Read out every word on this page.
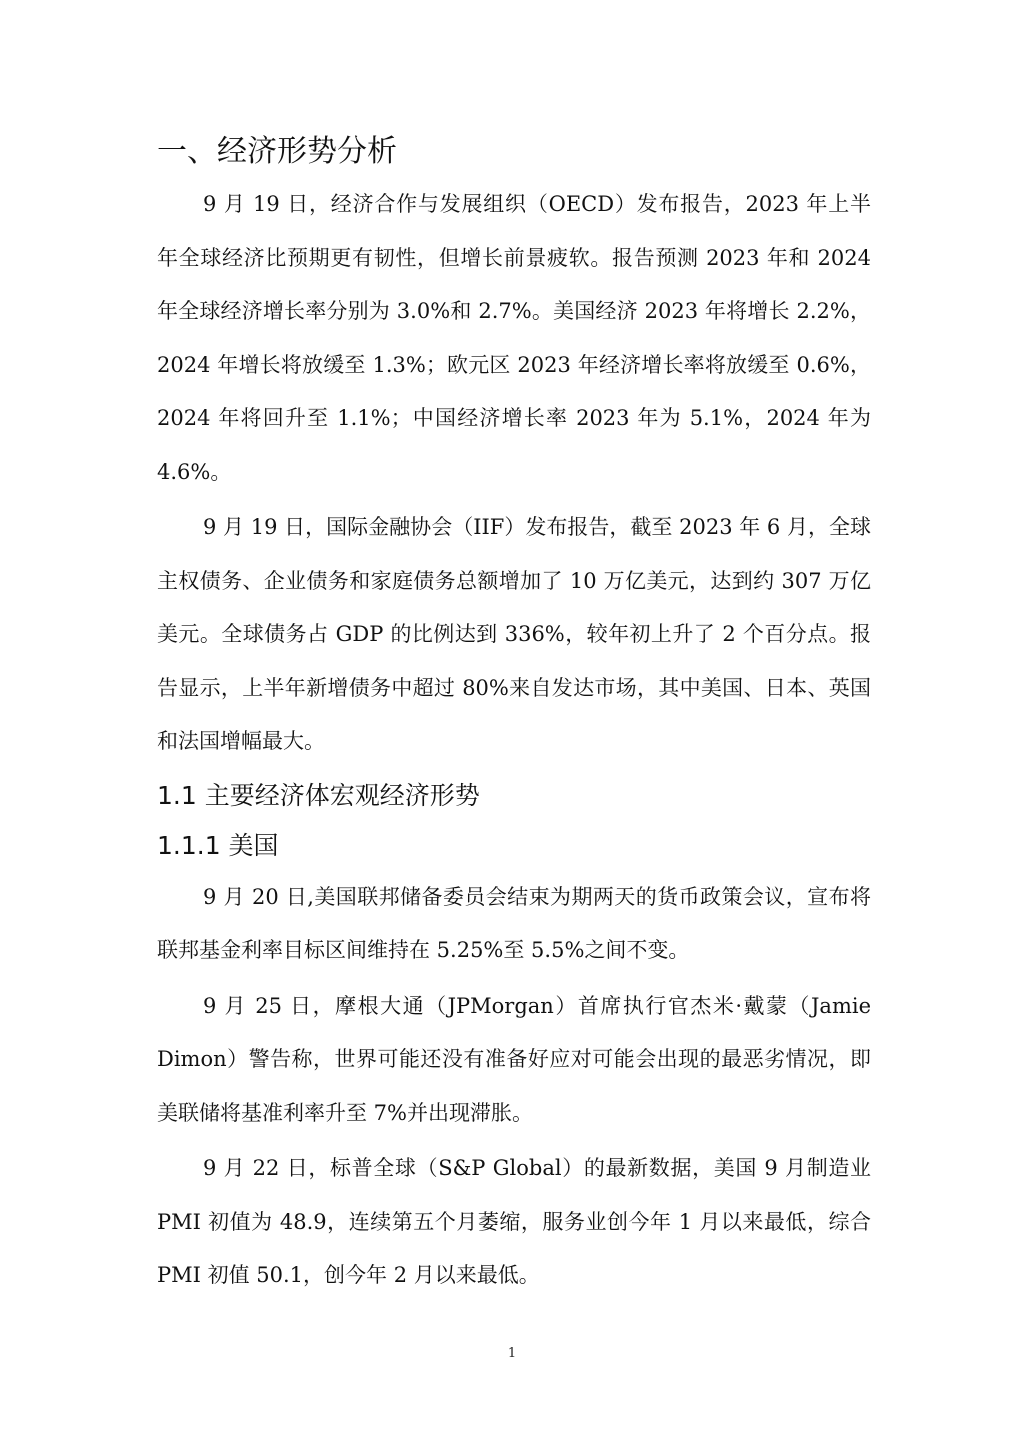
一、经济形势分析

9 月 19 日，经济合作与发展组织（OECD）发布报告，2023 年上半年全球经济比预期更有韧性，但增长前景疲软。报告预测 2023 年和 2024 年全球经济增长率分别为 3.0%和 2.7%。美国经济 2023 年将增长 2.2%，2024 年增长将放缓至 1.3%；欧元区 2023 年经济增长率将放缓至 0.6%，2024 年将回升至 1.1%；中国经济增长率 2023 年为 5.1%，2024 年为 4.6%。

9 月 19 日，国际金融协会（IIF）发布报告，截至 2023 年 6 月，全球主权债务、企业债务和家庭债务总额增加了 10 万亿美元，达到约 307 万亿美元。全球债务占 GDP 的比例达到 336%，较年初上升了 2 个百分点。报告显示，上半年新增债务中超过 80%来自发达市场，其中美国、日本、英国和法国增幅最大。

1.1 主要经济体宏观经济形势
1.1.1 美国

9 月 20 日,美国联邦储备委员会结束为期两天的货币政策会议，宣布将联邦基金利率目标区间维持在 5.25%至 5.5%之间不变。

9 月 25 日，摩根大通（JPMorgan）首席执行官杰米·戴蒙（Jamie Dimon）警告称，世界可能还没有准备好应对可能会出现的最恶劣情况，即美联储将基准利率升至 7%并出现滞胀。

9 月 22 日，标普全球（S&P Global）的最新数据，美国 9 月制造业 PMI 初值为 48.9，连续第五个月萎缩，服务业创今年 1 月以来最低，综合 PMI 初值 50.1，创今年 2 月以来最低。

1
